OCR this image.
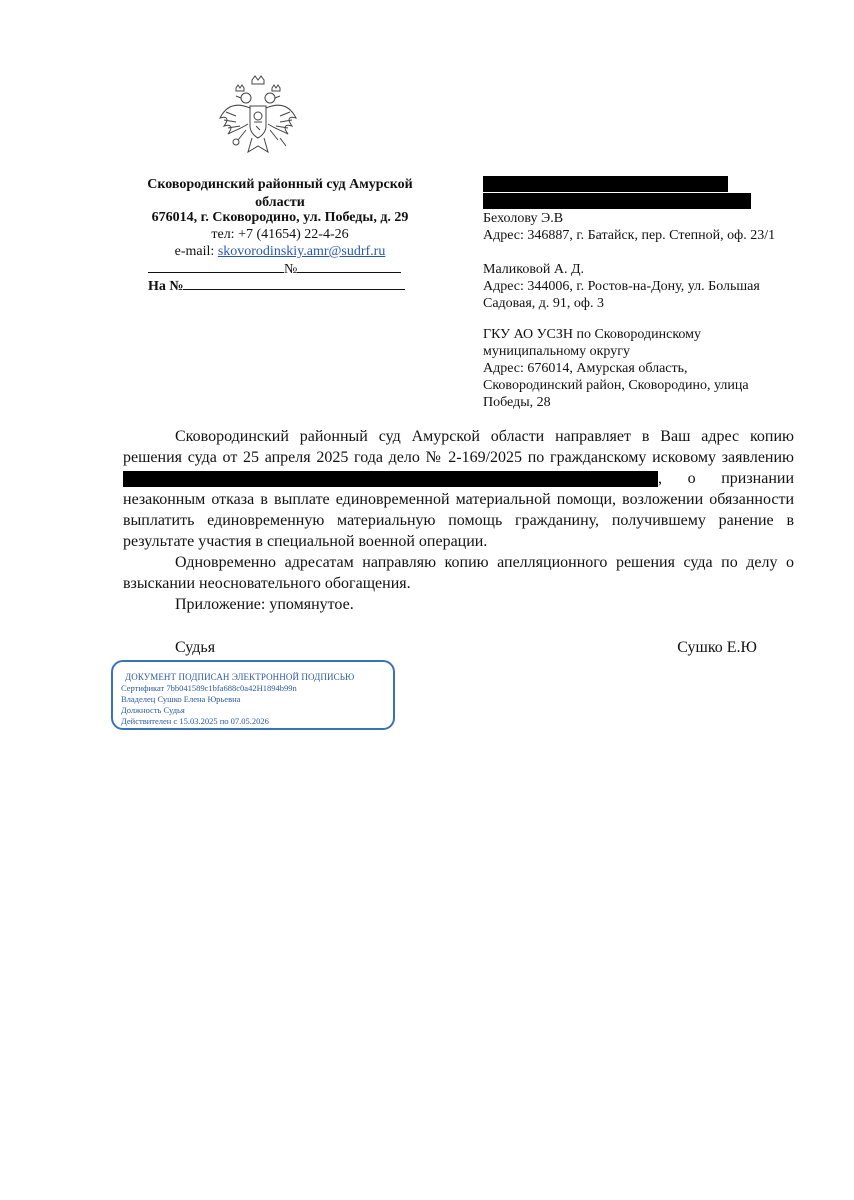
Сковородинский районный суд Амурской
области
676014, г. Сковородино, ул. Победы, д. 29
тел: +7 (41654) 22-4-26
e-mail: skovorodinskiy.amr@sudrf.ru
№
На №
Бехолову Э.В
Адрес: 346887, г. Батайск, пер. Степной, оф. 23/1
Маликовой А. Д.
Адрес: 344006, г. Ростов-на-Дону, ул. Большая
Садовая, д. 91, оф. 3
ГКУ АО УСЗН по Сковородинскому
муниципальному округу
Адрес: 676014, Амурская область,
Сковородинский район, Сковородино, улица
Победы, 28

Сковородинский районный суд Амурской области направляет в Ваш адрес копию решения суда от 25 апреля 2025 года дело № 2-169/2025 по гражданскому исковому заявлению , о признании незаконным отказа в выплате единовременной материальной помощи, возложении обязанности выплатить единовременную материальную помощь гражданину, получившему ранение в результате участия в специальной военной операции.

Одновременно адресатам направляю копию апелляционного решения суда по делу о взыскании неосновательного обогащения.

Приложение: упомянутое.

Судья	Сушко Е.Ю
ДОКУМЕНТ ПОДПИСАН ЭЛЕКТРОННОЙ ПОДПИСЬЮ
Сертификат 7bb041589c1bfa688c0a42H1894b99n
Владелец Сушко Елена Юрьевна
Должность Судья
Действителен с 15.03.2025 по 07.05.2026
